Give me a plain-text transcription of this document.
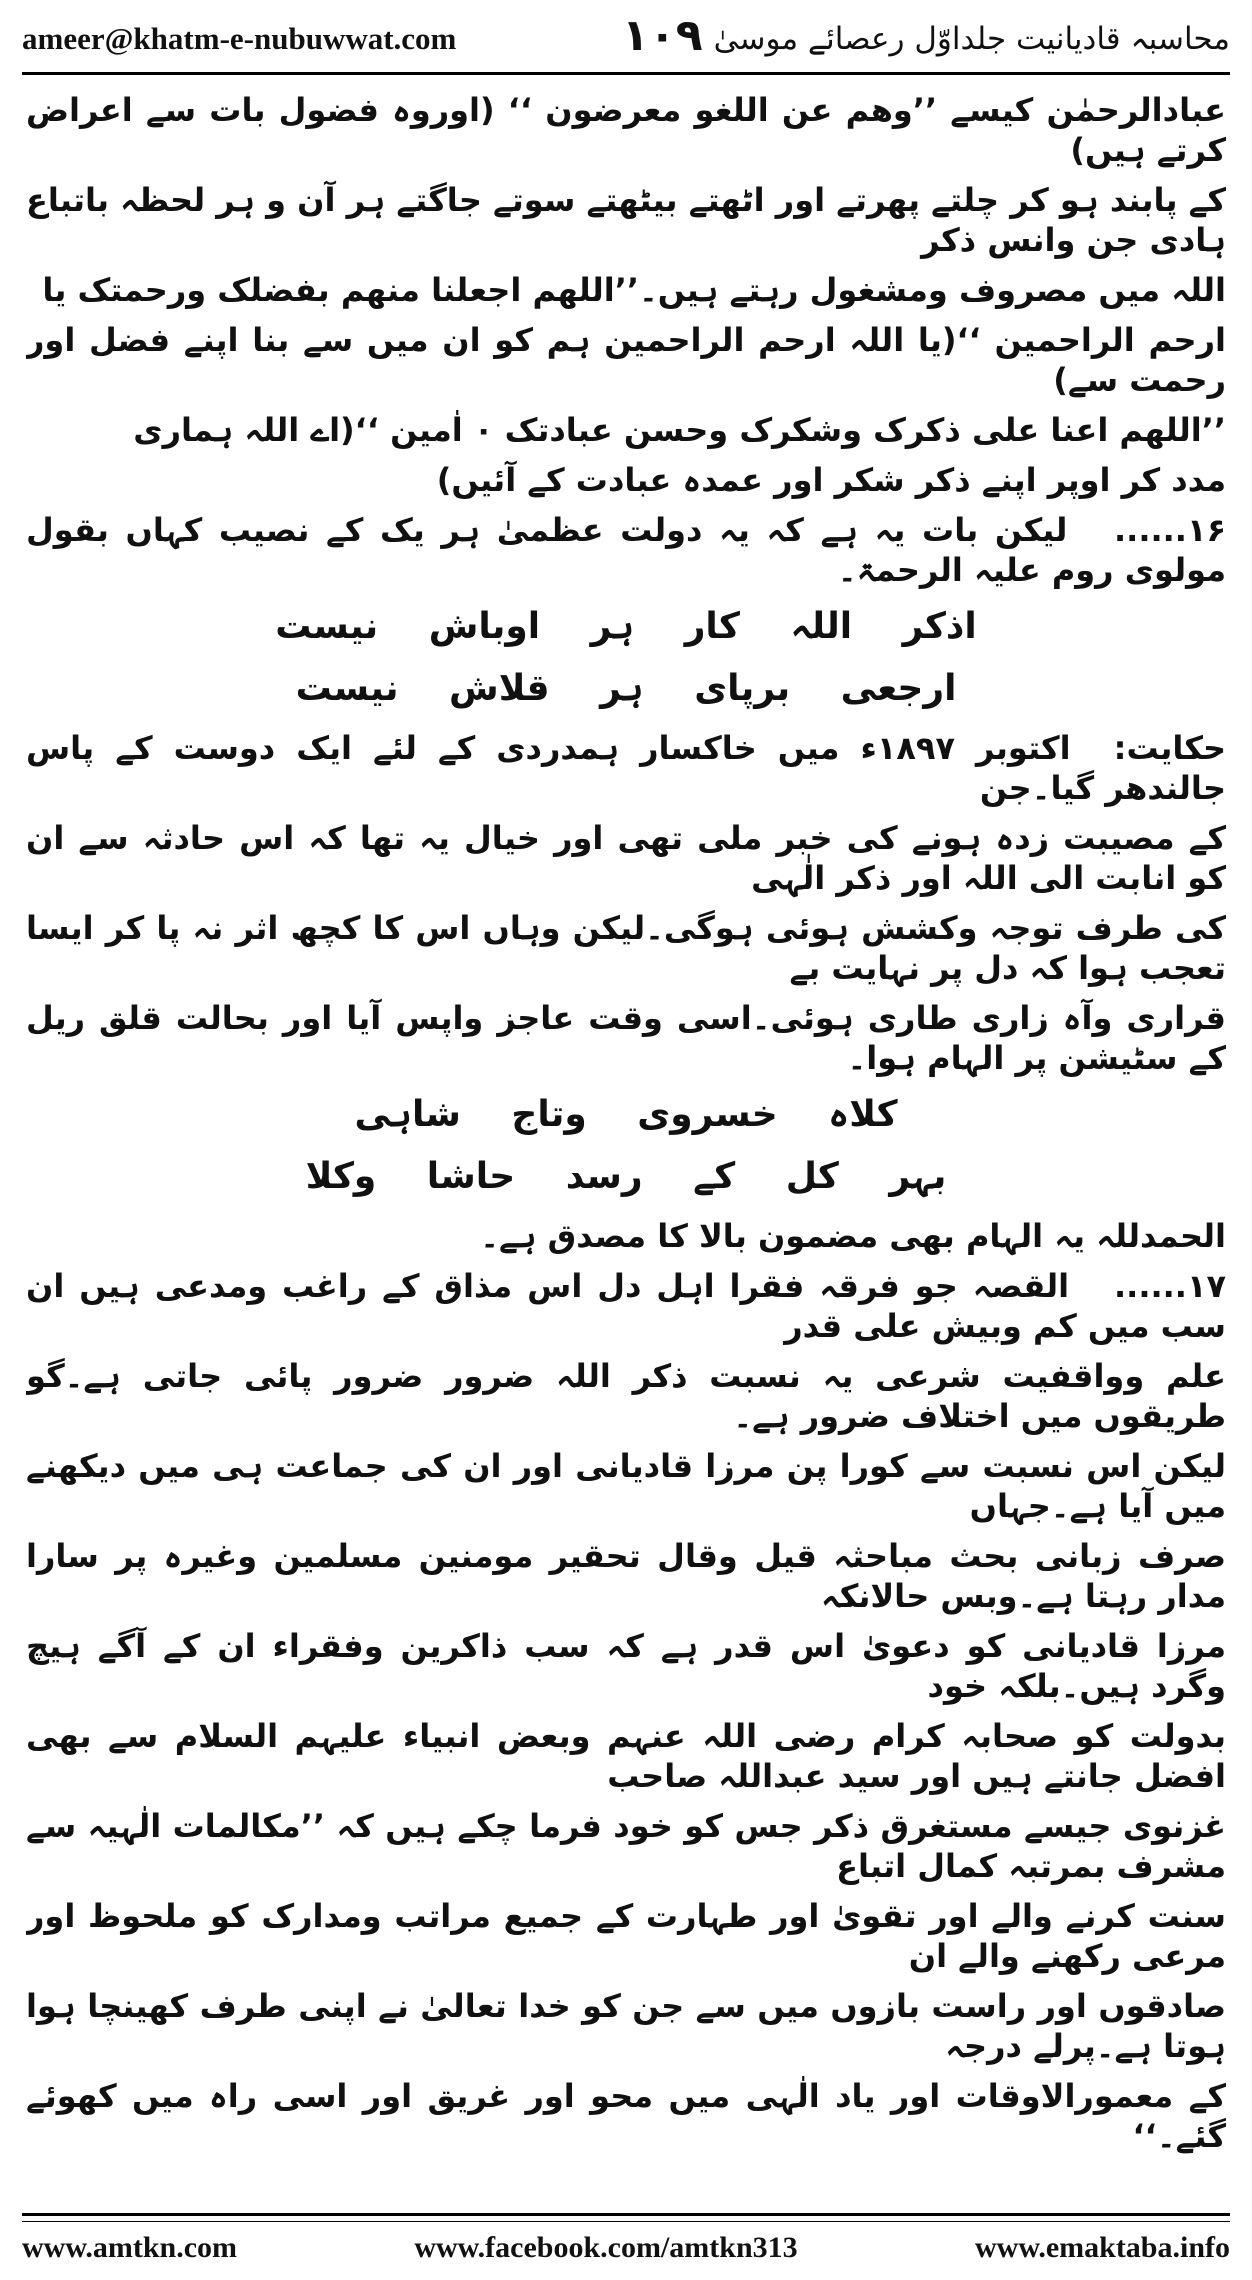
ameer@khatm-e-nubuwwat.com	۱۰۹ محاسبہ قادیانیت جلداوّل رعصائے موسیٰ

عبادالرحمٰن کیسے ’’وھم عن اللغو معرضون ‘‘ (اوروہ فضول بات سے اعراض کرتے ہیں)

کے پابند ہو کر چلتے پھرتے اور اٹھتے بیٹھتے سوتے جاگتے ہر آن و ہر لحظہ باتباع ہادی جن وانس ذکر

اللہ میں مصروف ومشغول رہتے ہیں۔’’اللھم اجعلنا منھم بفضلک ورحمتک یا

ارحم الراحمین ‘‘(یا اللہ ارحم الراحمین ہم کو ان میں سے بنا اپنے فضل اور رحمت سے)

’’اللھم اعنا علی ذکرک وشکرک وحسن عبادتک ۰ اٰمین ‘‘(اے اللہ ہماری

مدد کر اوپر اپنے ذکر شکر اور عمدہ عبادت کے آئیں)

۱۶...... لیکن بات یہ ہے کہ یہ دولت عظمیٰ ہر یک کے نصیب کہاں بقول مولوی روم علیہ الرحمۃ۔

اذکر اللہ کار ہر اوباش نیست
ارجعی برپای ہر قلاش نیست

حکایت: اکتوبر ۱۸۹۷ء میں خاکسار ہمدردی کے لئے ایک دوست کے پاس جالندھر گیا۔جن

کے مصیبت زدہ ہونے کی خبر ملی تھی اور خیال یہ تھا کہ اس حادثہ سے ان کو انابت الی اللہ اور ذکر الٰہی

کی طرف توجہ وکشش ہوئی ہوگی۔لیکن وہاں اس کا کچھ اثر نہ پا کر ایسا تعجب ہوا کہ دل پر نہایت بے

قراری وآہ زاری طاری ہوئی۔اسی وقت عاجز واپس آیا اور بحالت قلق ریل کے سٹیشن پر الہام ہوا۔

کلاہ خسروی وتاج شاہی
بہر کل کے رسد حاشا وکلا

الحمدللہ یہ الہام بھی مضمون بالا کا مصدق ہے۔

۱۷...... القصہ جو فرقہ فقرا اہل دل اس مذاق کے راغب ومدعی ہیں ان سب میں کم وبیش علی قدر

علم وواقفیت شرعی یہ نسبت ذکر اللہ ضرور ضرور پائی جاتی ہے۔گو طریقوں میں اختلاف ضرور ہے۔

لیکن اس نسبت سے کورا پن مرزا قادیانی اور ان کی جماعت ہی میں دیکھنے میں آیا ہے۔جہاں

صرف زبانی بحث مباحثہ قیل وقال تحقیر مومنین مسلمین وغیرہ پر سارا مدار رہتا ہے۔وبس حالانکہ

مرزا قادیانی کو دعویٰ اس قدر ہے کہ سب ذاکرین وفقراء ان کے آگے ہیچ وگرد ہیں۔بلکہ خود

بدولت کو صحابہ کرام رضی اللہ عنہم وبعض انبیاء علیہم السلام سے بھی افضل جانتے ہیں اور سید عبداللہ صاحب

غزنوی جیسے مستغرق ذکر جس کو خود فرما چکے ہیں کہ ’’مکالمات الٰہیہ سے مشرف بمرتبہ کمال اتباع

سنت کرنے والے اور تقویٰ اور طہارت کے جمیع مراتب ومدارک کو ملحوظ اور مرعی رکھنے والے ان

صادقوں اور راست بازوں میں سے جن کو خدا تعالیٰ نے اپنی طرف کھینچا ہوا ہوتا ہے۔پرلے درجہ

کے معمورالاوقات اور یاد الٰہی میں محو اور غریق اور اسی راہ میں کھوئے گئے۔‘‘

www.amtkn.com	www.facebook.com/amtkn313	www.emaktaba.info
